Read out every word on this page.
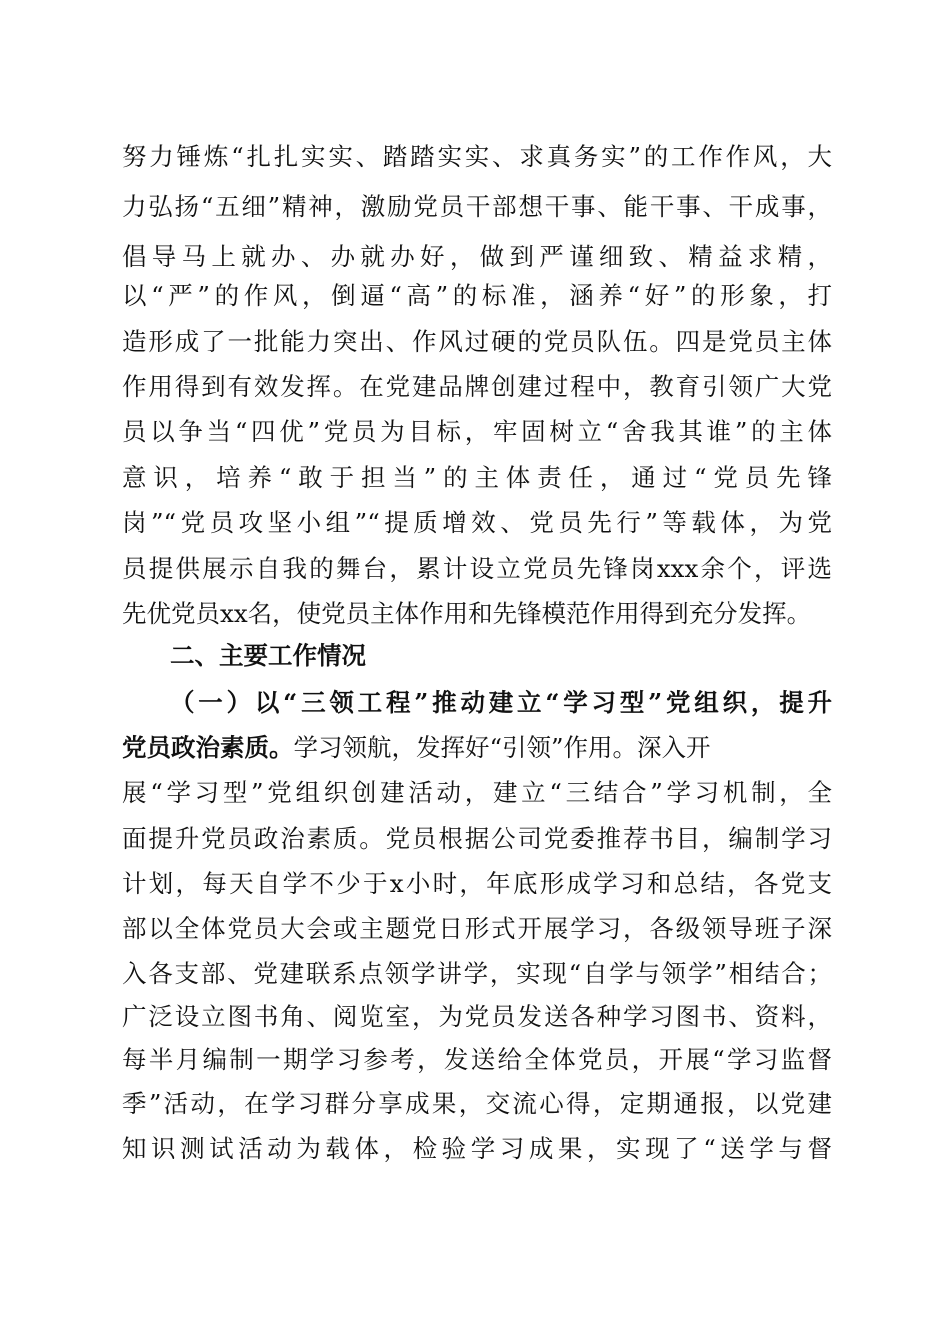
努力锤炼“扎扎实实、踏踏实实、求真务实”的工作作风，大
力弘扬“五细”精神，激励党员干部想干事、能干事、干成事，
倡导马上就办、办就办好，做到严谨细致、精益求精，
以“严”的作风，倒逼“高”的标准，涵养“好”的形象，打
造形成了一批能力突出、作风过硬的党员队伍。四是党员主体
作用得到有效发挥。在党建品牌创建过程中，教育引领广大党
员以争当“四优”党员为目标，牢固树立“舍我其谁”的主体
意识，培养“敢于担当”的主体责任，通过“党员先锋
岗”“党员攻坚小组”“提质增效、党员先行”等载体，为党
员提供展示自我的舞台，累计设立党员先锋岗xxx余个，评选
先优党员xx名，使党员主体作用和先锋模范作用得到充分发挥。
二、主要工作情况
（一）以“三领工程”推动建立“学习型”党组织，提升
党员政治素质。学习领航，发挥好“引领”作用。深入开
展“学习型”党组织创建活动，建立“三结合”学习机制，全
面提升党员政治素质。党员根据公司党委推荐书目，编制学习
计划，每天自学不少于x小时，年底形成学习和总结，各党支
部以全体党员大会或主题党日形式开展学习，各级领导班子深
入各支部、党建联系点领学讲学，实现“自学与领学”相结合；
广泛设立图书角、阅览室，为党员发送各种学习图书、资料，
每半月编制一期学习参考，发送给全体党员，开展“学习监督
季”活动，在学习群分享成果，交流心得，定期通报，以党建
知识测试活动为载体，检验学习成果，实现了“送学与督
